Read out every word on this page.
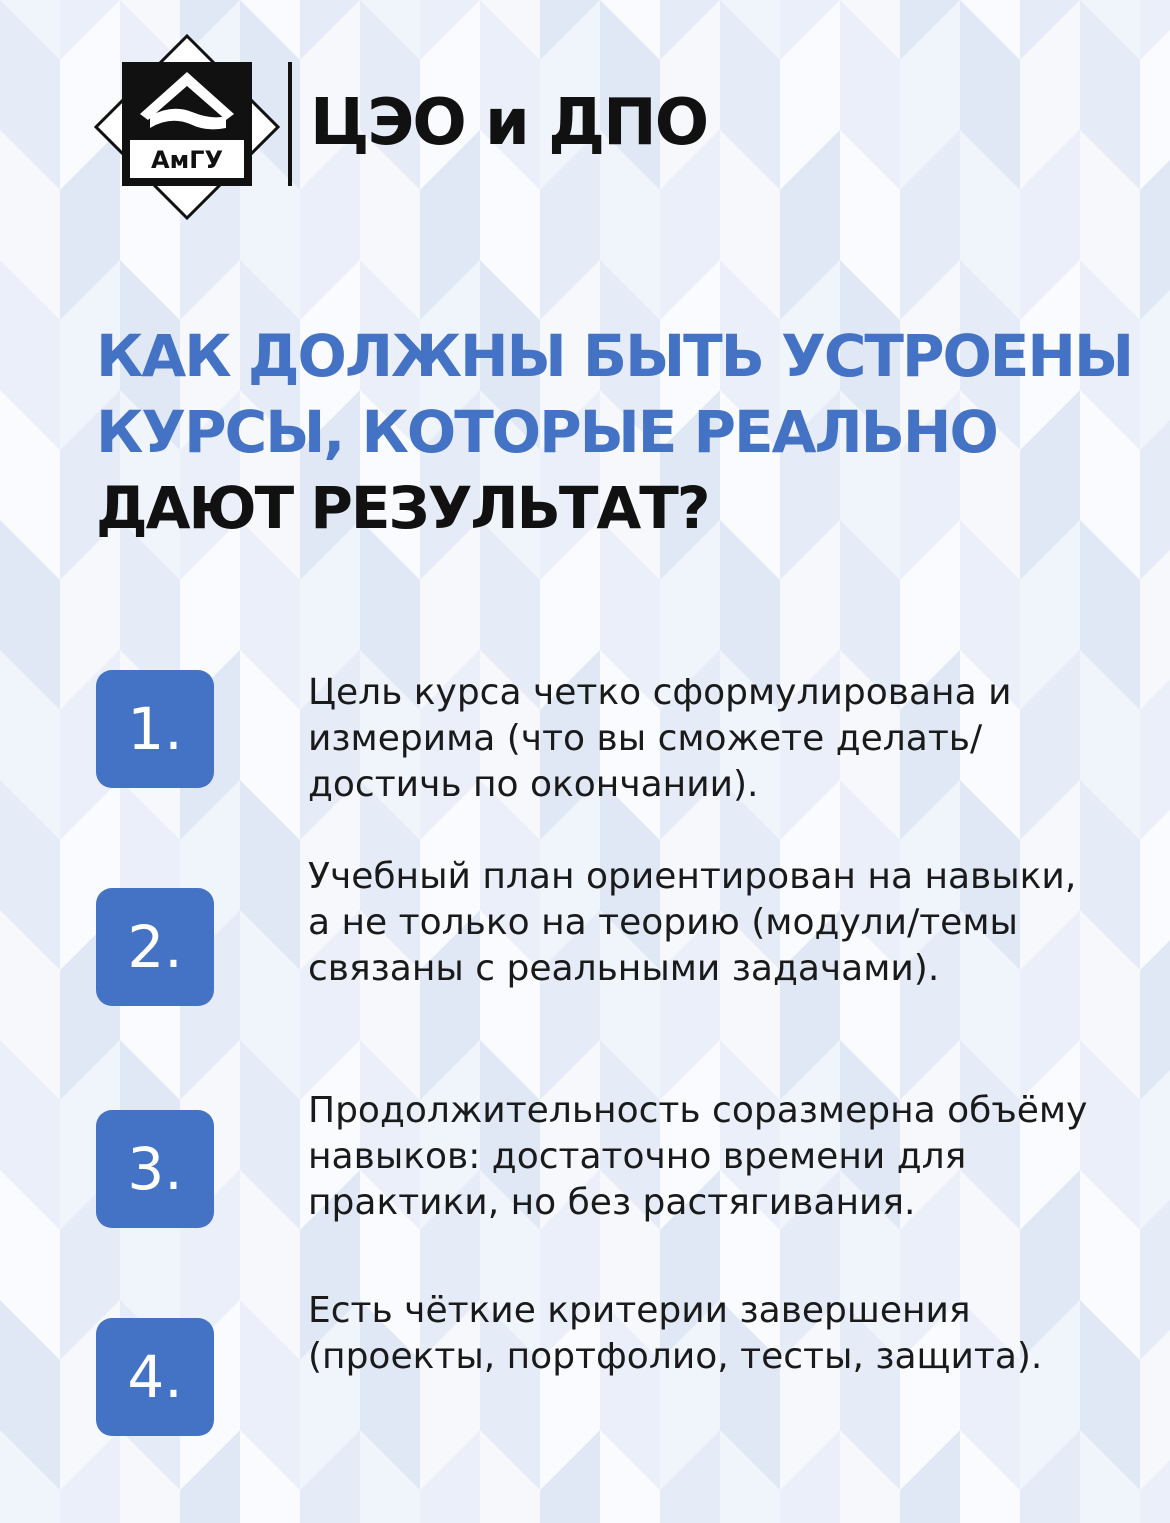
АмГУ ЦЭО и ДПО
КАК ДОЛЖНЫ БЫТЬ УСТРОЕНЫ
КУРСЫ, КОТОРЫЕ РЕАЛЬНО
ДАЮТ РЕЗУЛЬТАТ?
1.

Цель курса четко сформулирована и измерима (что вы сможете делать/достичь по окончании).

2.

Учебный план ориентирован на навыки, а не только на теорию (модули/темы связаны с реальными задачами).

3.

Продолжительность соразмерна объёму навыков: достаточно времени для практики, но без растягивания.

4.

Есть чёткие критерии завершения (проекты, портфолио, тесты, защита).
